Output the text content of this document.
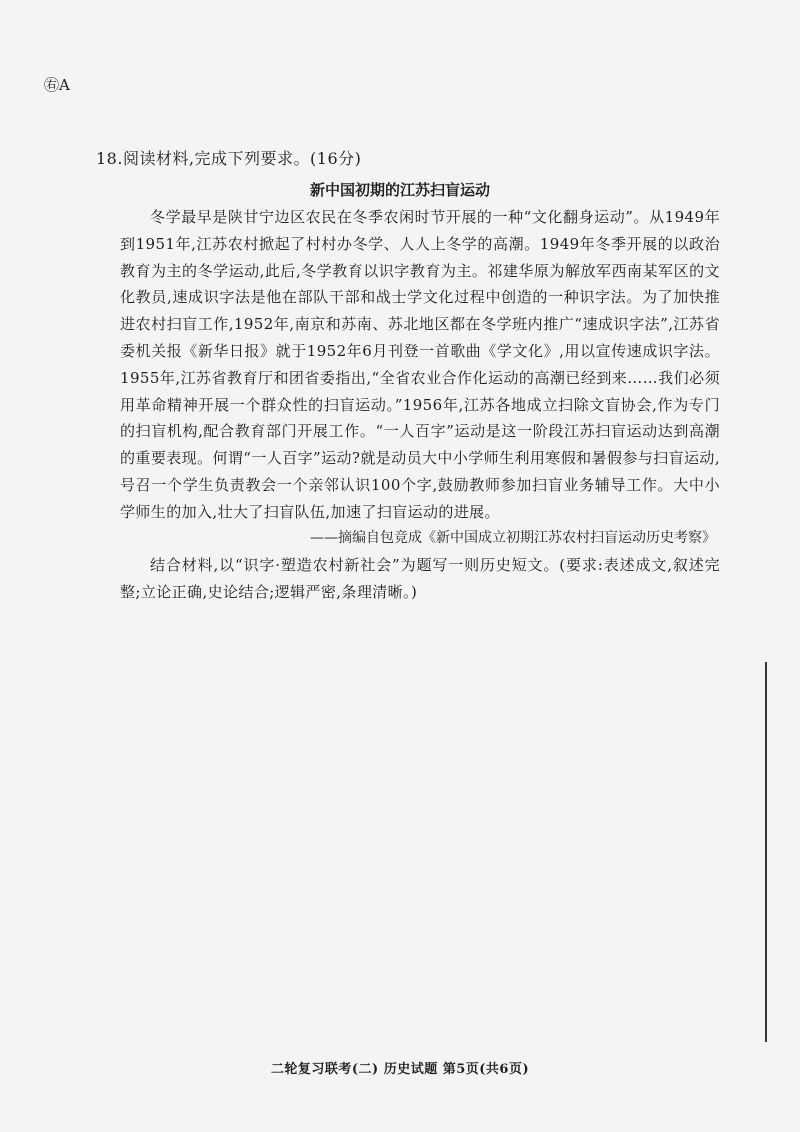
㊨A
18.阅读材料,完成下列要求。(16分)
新中国初期的江苏扫盲运动
冬学最早是陕甘宁边区农民在冬季农闲时节开展的一种“文化翻身运动”。从1949年到1951年,江苏农村掀起了村村办冬学、人人上冬学的高潮。1949年冬季开展的以政治教育为主的冬学运动,此后,冬学教育以识字教育为主。祁建华原为解放军西南某军区的文化教员,速成识字法是他在部队干部和战士学文化过程中创造的一种识字法。为了加快推进农村扫盲工作,1952年,南京和苏南、苏北地区都在冬学班内推广“速成识字法”,江苏省委机关报《新华日报》就于1952年6月刊登一首歌曲《学文化》,用以宣传速成识字法。1955年,江苏省教育厅和团省委指出,“全省农业合作化运动的高潮已经到来……我们必须用革命精神开展一个群众性的扫盲运动。”1956年,江苏各地成立扫除文盲协会,作为专门的扫盲机构,配合教育部门开展工作。“一人百字”运动是这一阶段江苏扫盲运动达到高潮的重要表现。何谓“一人百字”运动?就是动员大中小学师生利用寒假和暑假参与扫盲运动,号召一个学生负责教会一个亲邻认识100个字,鼓励教师参加扫盲业务辅导工作。大中小学师生的加入,壮大了扫盲队伍,加速了扫盲运动的进展。
——摘编自包竞成《新中国成立初期江苏农村扫盲运动历史考察》
结合材料,以“识字·塑造农村新社会”为题写一则历史短文。(要求:表述成文,叙述完整;立论正确,史论结合;逻辑严密,条理清晰。)
二轮复习联考(二) 历史试题 第5页(共6页)
